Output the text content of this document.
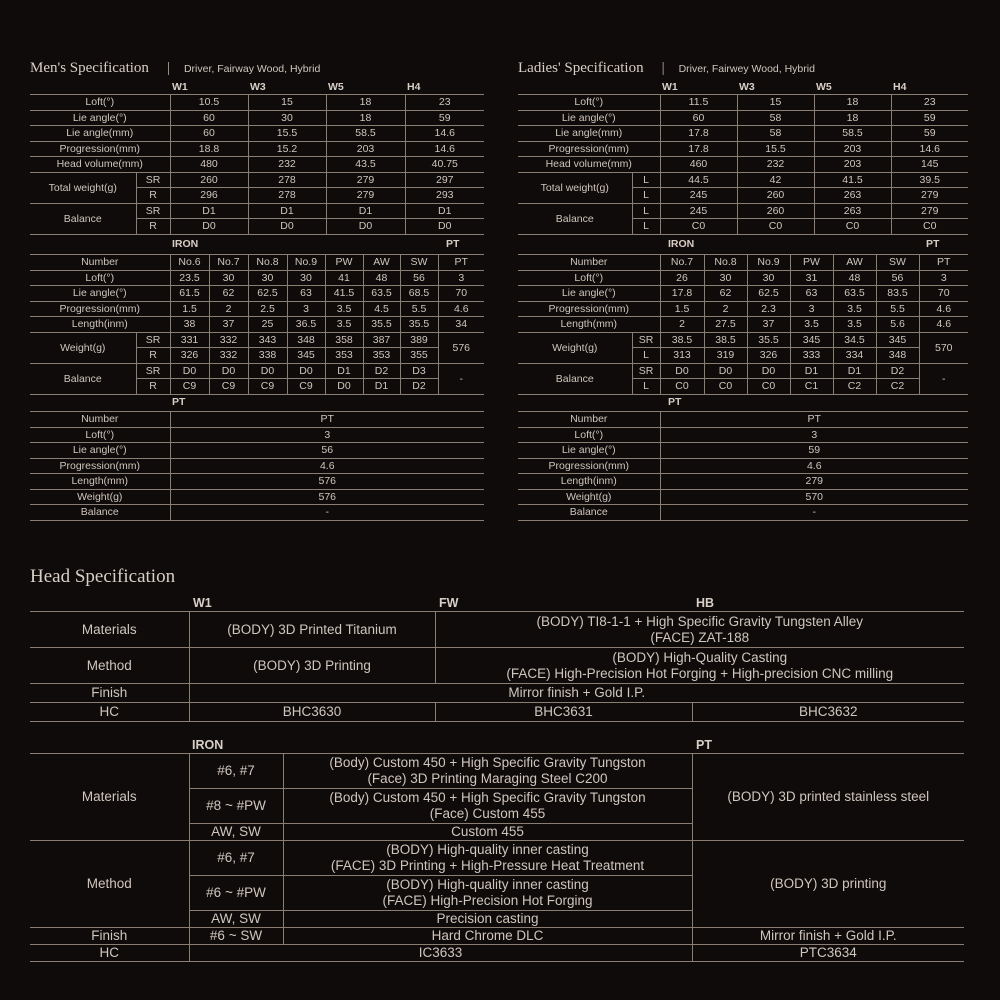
Men's Specification | Driver, Fairway Wood, Hybrid
		W1	W3	W5	H4
Loft(°)		10.5	15	18	23
Lie angle(°)		60	30	18	59
Lie angle(mm)		60	15.5	58.5	14.6
Progression(mm)		18.8	15.2	203	14.6
Head volume(mm)		480	232	43.5	40.75
Total weight(g)	SR	260	278	279	297
	R	296	278	279	293
Balance	SR	D1	D1	D1	D1
	R	D0	D0	D0	D0
IRON	PT
Number		No.6	No.7	No.8	No.9	PW	AW	SW	PT
Loft(°)		23.5	30	30	30	41	48	56	3
Lie angle(°)		61.5	62	62.5	63	41.5	63.5	68.5	70
Progression(mm)		1.5	2	2.5	3	3.5	4.5	5.5	4.6
Length(inm)		38	37	25	36.5	3.5	35.5	35.5	34
Weight(g)	SR	331	332	343	348	358	387	389	576
	R	326	332	338	345	353	353	355	
Balance	SR	D0	D0	D0	D0	D1	D2	D3	-
	R	C9	C9	C9	C9	D0	D1	D2	
PT
Number	PT
Loft(°)	3
Lie angle(°)	56
Progression(mm)	4.6
Length(mm)	576
Weight(g)	576
Balance	-
Ladies' Specification | Driver, Fairwey Wood, Hybrid
		W1	W3	W5	H4
Loft(°)		11.5	15	18	23
Lie angle(°)		60	58	18	59
Lie angle(mm)		17.8	58	58.5	59
Progression(mm)		17.8	15.5	203	14.6
Head volume(mm)		460	232	203	145
Total weight(g)	L	44.5	42	41.5	39.5
	L	245	260	263	279
Balance	L	245	260	263	279
	L	C0	C0	C0	C0
IRON	PT
Number		No.7	No.8	No.9	PW	AW	SW	PT
Loft(°)		26	30	30	31	48	56	3
Lie angle(°)		17.8	62	62.5	63	63.5	83.5	70
Progression(mm)		1.5	2	2.3	3	3.5	5.5	4.6
Length(mm)		2	27.5	37	3.5	3.5	5.6	4.6
Weight(g)	SR	38.5	38.5	35.5	345	34.5	345	570
	L	313	319	326	333	334	348	
Balance	SR	D0	D0	D0	D1	D1	D2	-
	L	C0	C0	C0	C1	C2	C2	
PT
Number	PT
Loft(°)	3
Lie angle(°)	59
Progression(mm)	4.6
Length(inm)	279
Weight(g)	570
Balance	-
Head Specification
	W1	FW	HB
Materials	(BODY) 3D Printed Titanium	(BODY) TI8-1-1 + High Specific Gravity Tungsten Alley
(FACE) ZAT-188	

Method	(BODY) 3D Printing	(BODY) High-Quality Casting
(FACE) High-Precision Hot Forging + High-precision CNC milling	

Finish	Mirror finish + Gold I.P.		
HC	BHC3630	BHC3631	BHC3632
	IRON		PT
Materials	#6, #7	(Body) Custom 450 + High Specific Gravity Tungston
(Face) 3D Printing Maraging Steel C200	(BODY) 3D printed stainless steel
	#8 ~ #PW	(Body) Custom 450 + High Specific Gravity Tungston
(Face) Custom 455	

	AW, SW	Custom 455	
Method	#6, #7	(BODY) High-quality inner casting
(FACE) 3D Printing + High-Pressure Heat Treatment	(BODY) 3D printing
	#6 ~ #PW	(BODY) High-quality inner casting
(FACE) High-Precision Hot Forging	

	AW, SW	Precision casting	
Finish	#6 ~ SW	Hard Chrome DLC	Mirror finish + Gold I.P.
HC	IC3633		PTC3634
